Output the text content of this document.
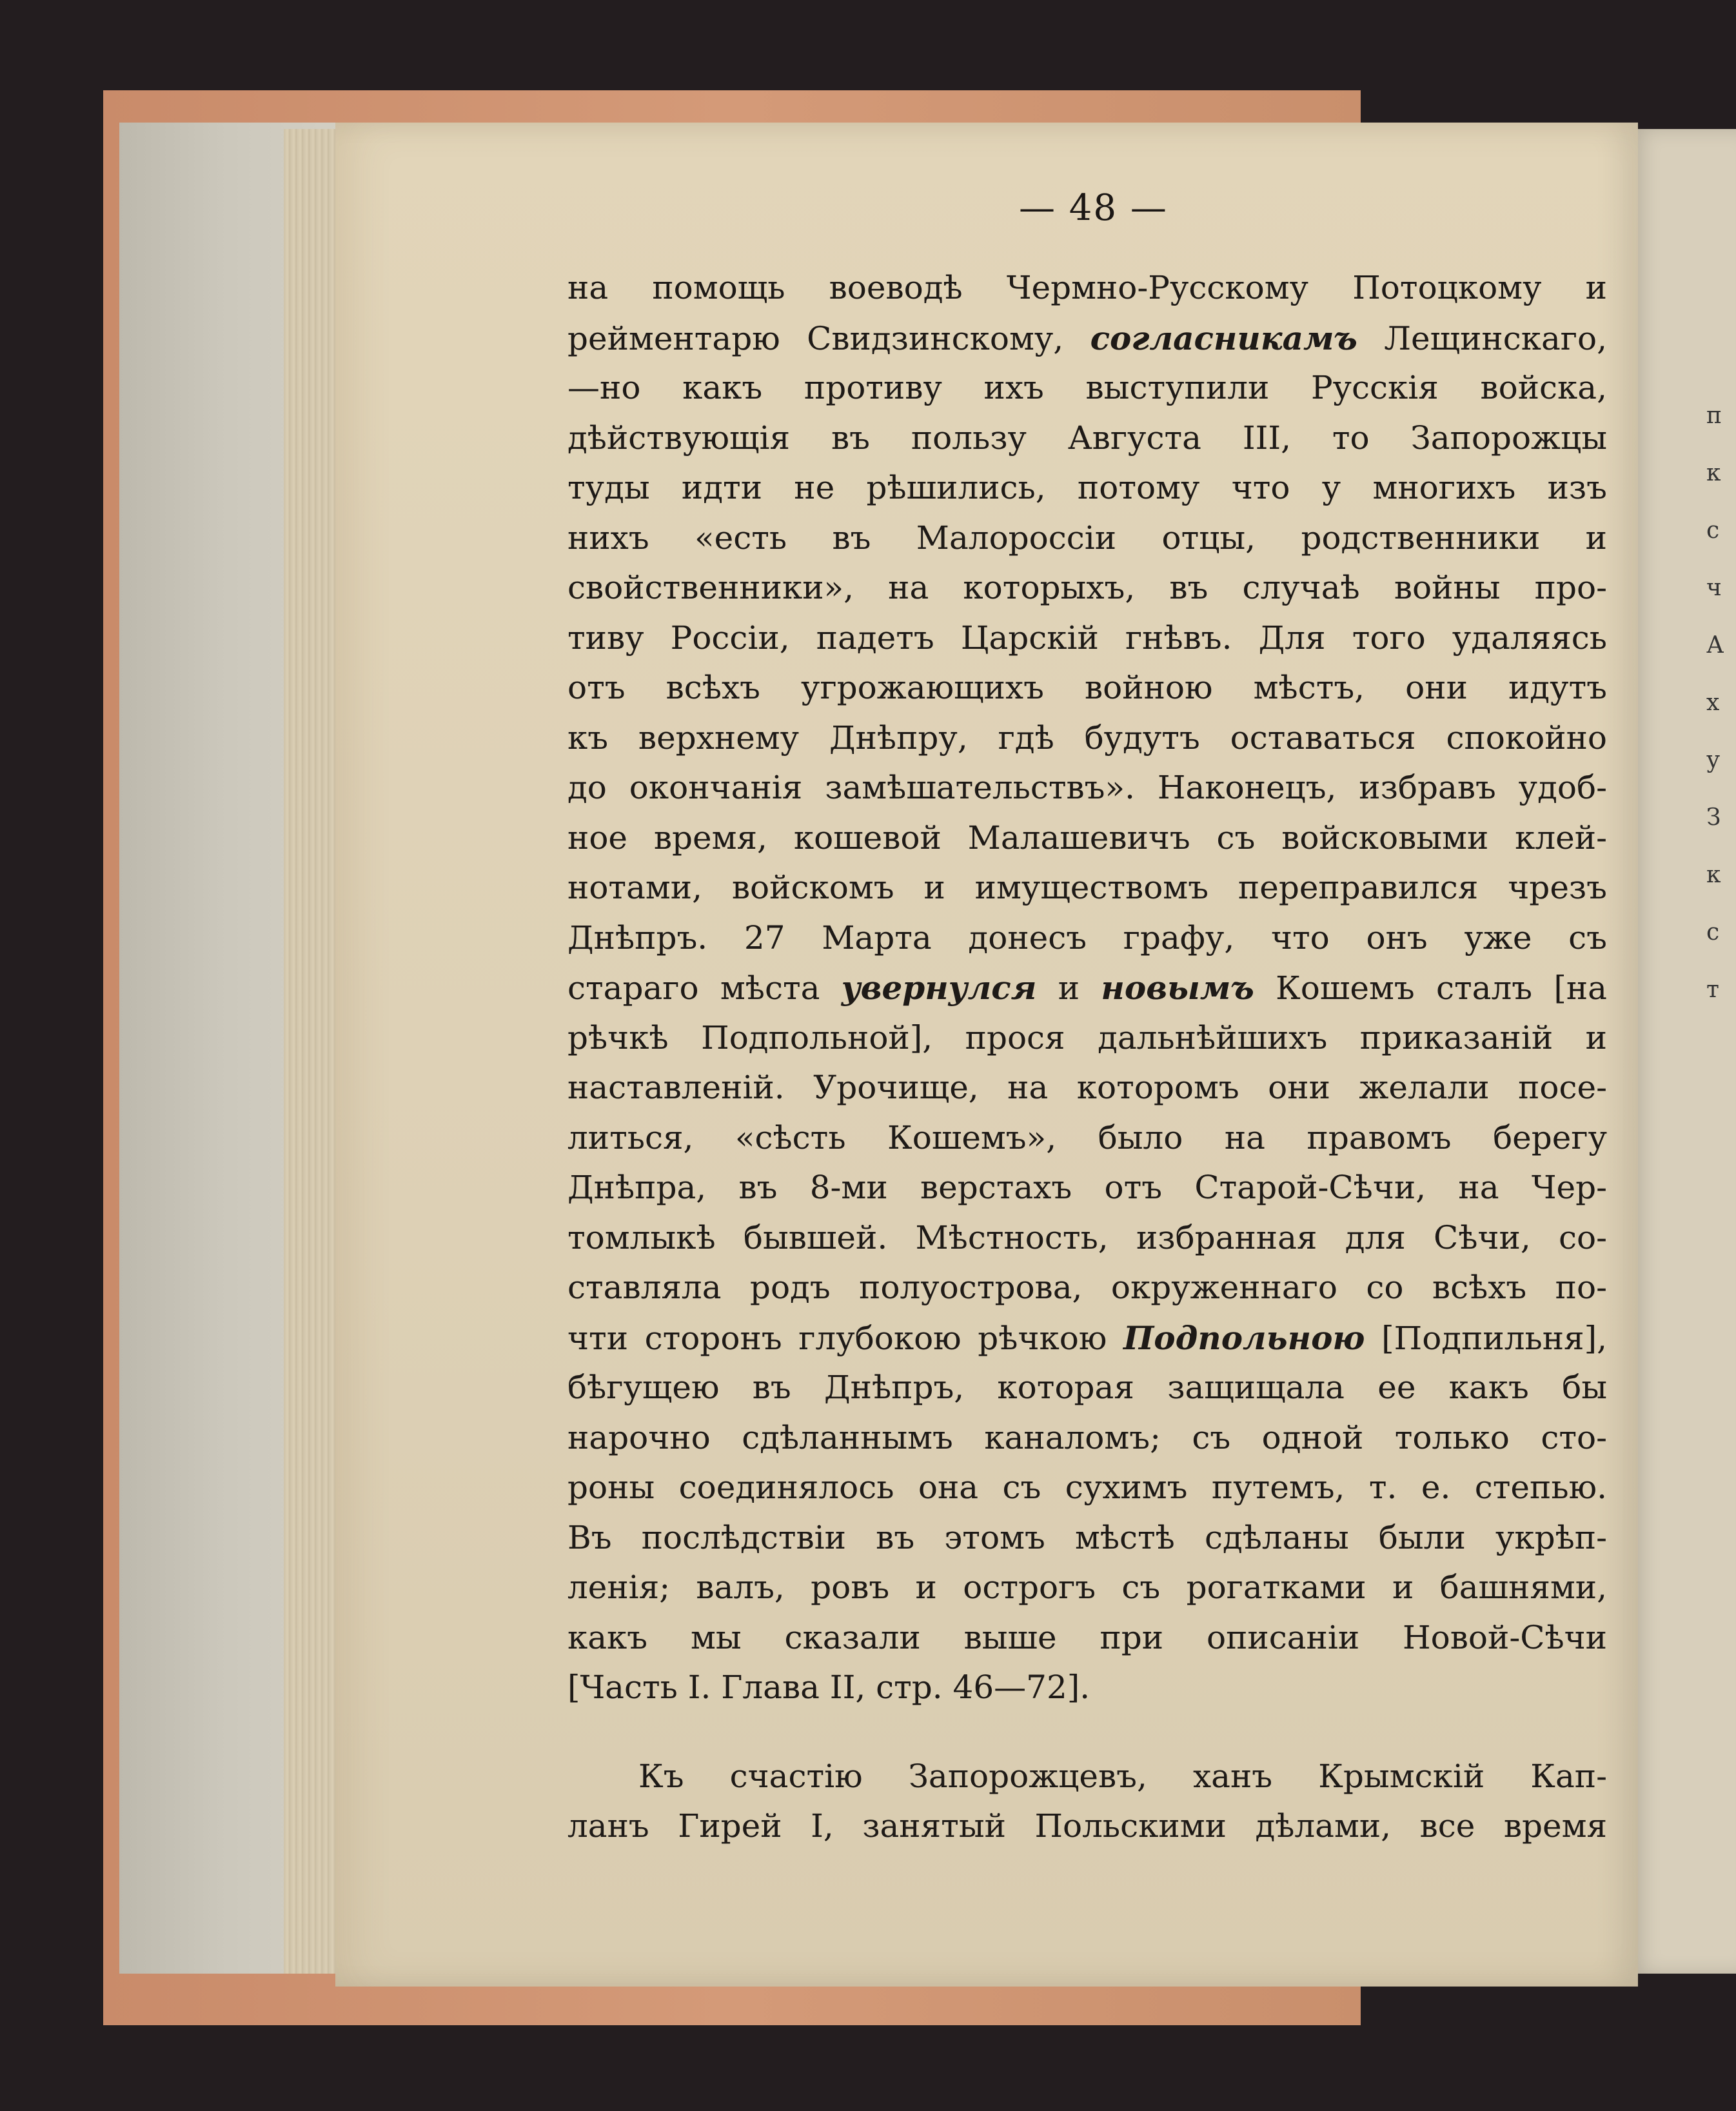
п
к
с
ч
А
х
у
З
к
с
т
— 48 —
на помощь воеводѣ Чермно-Русскому Потоцкому и
рейментарю Свидзинскому, согласникамъ Лещинскаго,
—но какъ противу ихъ выступили Русскія войска,
дѣйствующія въ пользу Августа III, то Запорожцы
туды идти не рѣшились, потому что у многихъ изъ
нихъ «есть въ Малороссіи отцы, родственники и
свойственники», на которыхъ, въ случаѣ войны про-
тиву Россіи, падетъ Царскій гнѣвъ. Для того удаляясь
отъ всѣхъ угрожающихъ войною мѣстъ, они идутъ
къ верхнему Днѣпру, гдѣ будутъ оставаться спокойно
до окончанія замѣшательствъ». Наконецъ, избравъ удоб-
ное время, кошевой Малашевичъ съ войсковыми клей-
нотами, войскомъ и имуществомъ переправился чрезъ
Днѣпръ. 27 Марта донесъ графу, что онъ уже съ
стараго мѣста увернулся и новымъ Кошемъ сталъ [на
рѣчкѣ Подпольной], прося дальнѣйшихъ приказаній и
наставленій. Урочище, на которомъ они желали посе-
литься, «сѣсть Кошемъ», было на правомъ берегу
Днѣпра, въ 8-ми верстахъ отъ Старой-Сѣчи, на Чер-
томлыкѣ бывшей. Мѣстность, избранная для Сѣчи, со-
ставляла родъ полуострова, окруженнаго со всѣхъ по-
чти сторонъ глубокою рѣчкою Подпольною [Подпильня],
бѣгущею въ Днѣпръ, которая защищала ее какъ бы
нарочно сдѣланнымъ каналомъ; съ одной только сто-
роны соединялось она съ сухимъ путемъ, т. е. степью.
Въ послѣдствіи въ этомъ мѣстѣ сдѣланы были укрѣп-
ленія; валъ, ровъ и острогъ съ рогатками и башнями,
какъ мы сказали выше при описаніи Новой-Сѣчи
[Часть I. Глава II, стр. 46—72].
Къ счастію Запорожцевъ, ханъ Крымскій Кап-
ланъ Гирей I, занятый Польскими дѣлами, все время
